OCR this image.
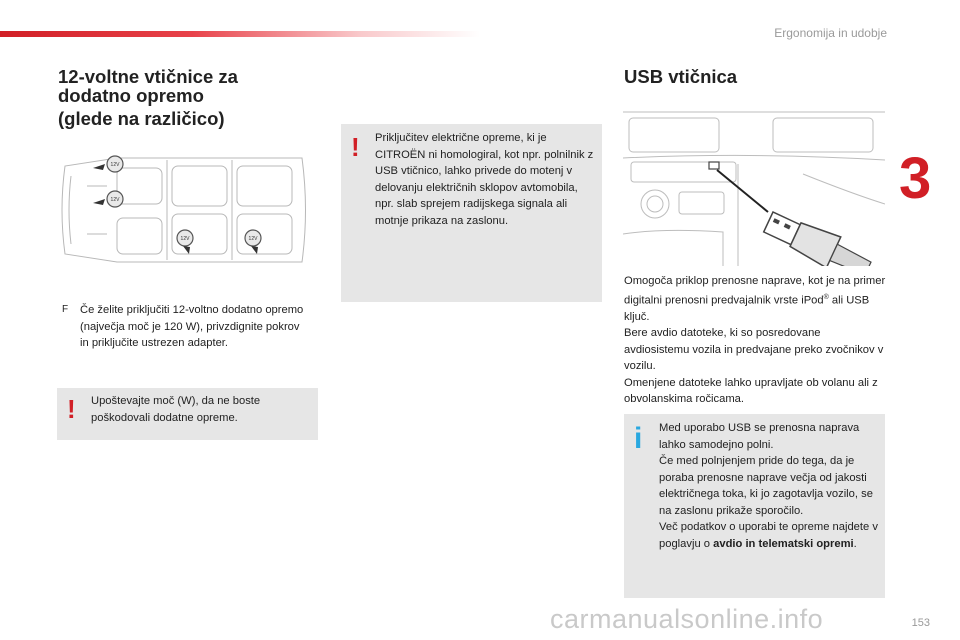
Ergonomija in udobje
3
153
12-voltne vtičnice za
dodatno opremo
(glede na različico)
12V
12V
12V	12V
F	Če želite priključiti 12-voltno dodatno opremo (največja moč je 120 W), privzdignite pokrov in priključite ustrezen adapter.
! Upoštevajte moč (W), da ne boste poškodovali dodatne opreme.

! Priključitev električne opreme, ki je CITROËN ni homologiral, kot npr. polnilnik z USB vtičnico, lahko privede do motenj v delovanju električnih sklopov avtomobila, npr. slab sprejem radijskega signala ali motnje prikaza na zaslonu.

USB vtičnica
Omogoča priklop prenosne naprave, kot je na primer digitalni prenosni predvajalnik vrste iPod® ali USB ključ.
Bere avdio datoteke, ki so posredovane avdiosistemu vozila in predvajane preko zvočnikov v vozilu.
Omenjene datoteke lahko upravljate ob volanu ali z obvolanskima ročicama.
i Med uporabo USB se prenosna naprava lahko samodejno polni.
Če med polnjenjem pride do tega, da je poraba prenosne naprave večja od jakosti električnega toka, ki jo zagotavlja vozilo, se na zaslonu prikaže sporočilo.
Več podatkov o uporabi te opreme najdete v poglavju o avdio in telematski opremi.
carmanualsonline.info
